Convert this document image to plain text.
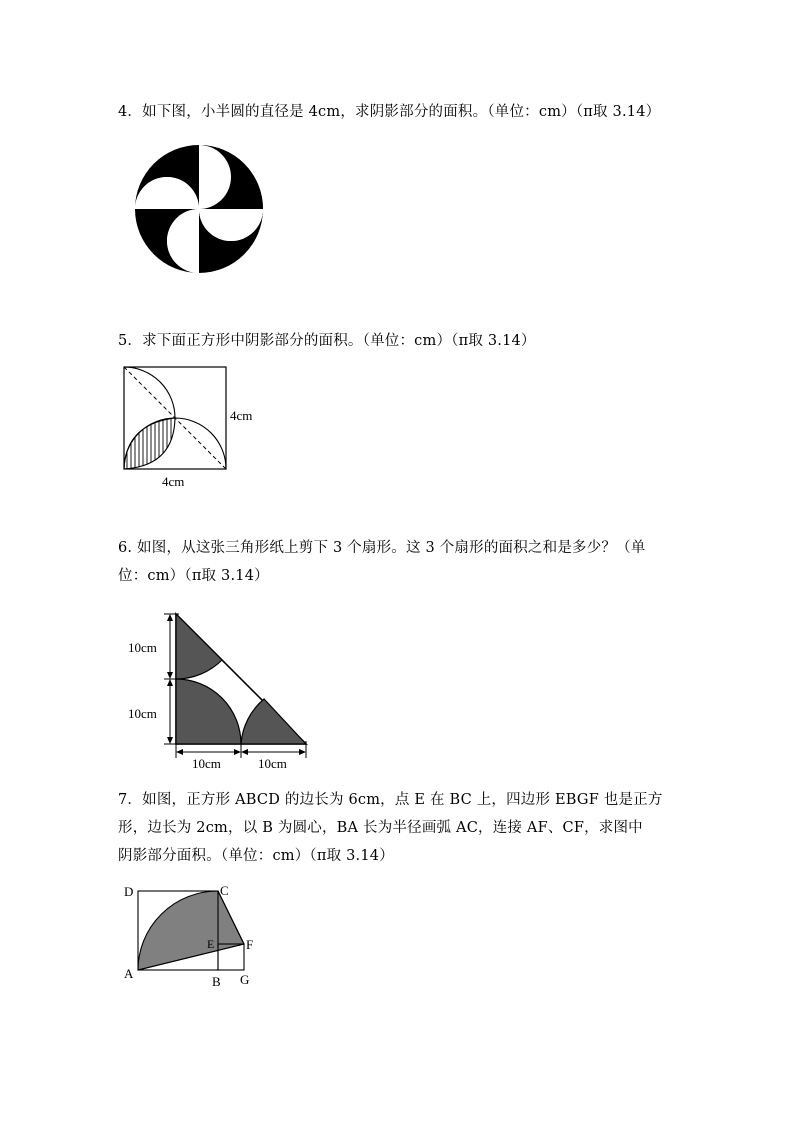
4．如下图，小半圆的直径是 4cm，求阴影部分的面积。（单位：cm）（π取 3.14）
5．求下面正方形中阴影部分的面积。（单位：cm）（π取 3.14）
4cm
4cm
6. 如图，从这张三角形纸上剪下 3 个扇形。这 3 个扇形的面积之和是多少？（单
位：cm）（π取 3.14）
10cm
10cm
10cm	10cm
7．如图，正方形 ABCD 的边长为 6cm，点 E 在 BC 上，四边形 EBGF 也是正方
形，边长为 2cm，以 B 为圆心，BA 长为半径画弧 AC，连接 AF、CF，求图中
阴影部分面积。（单位：cm）（π取 3.14）
D	C
E F
A
B G
